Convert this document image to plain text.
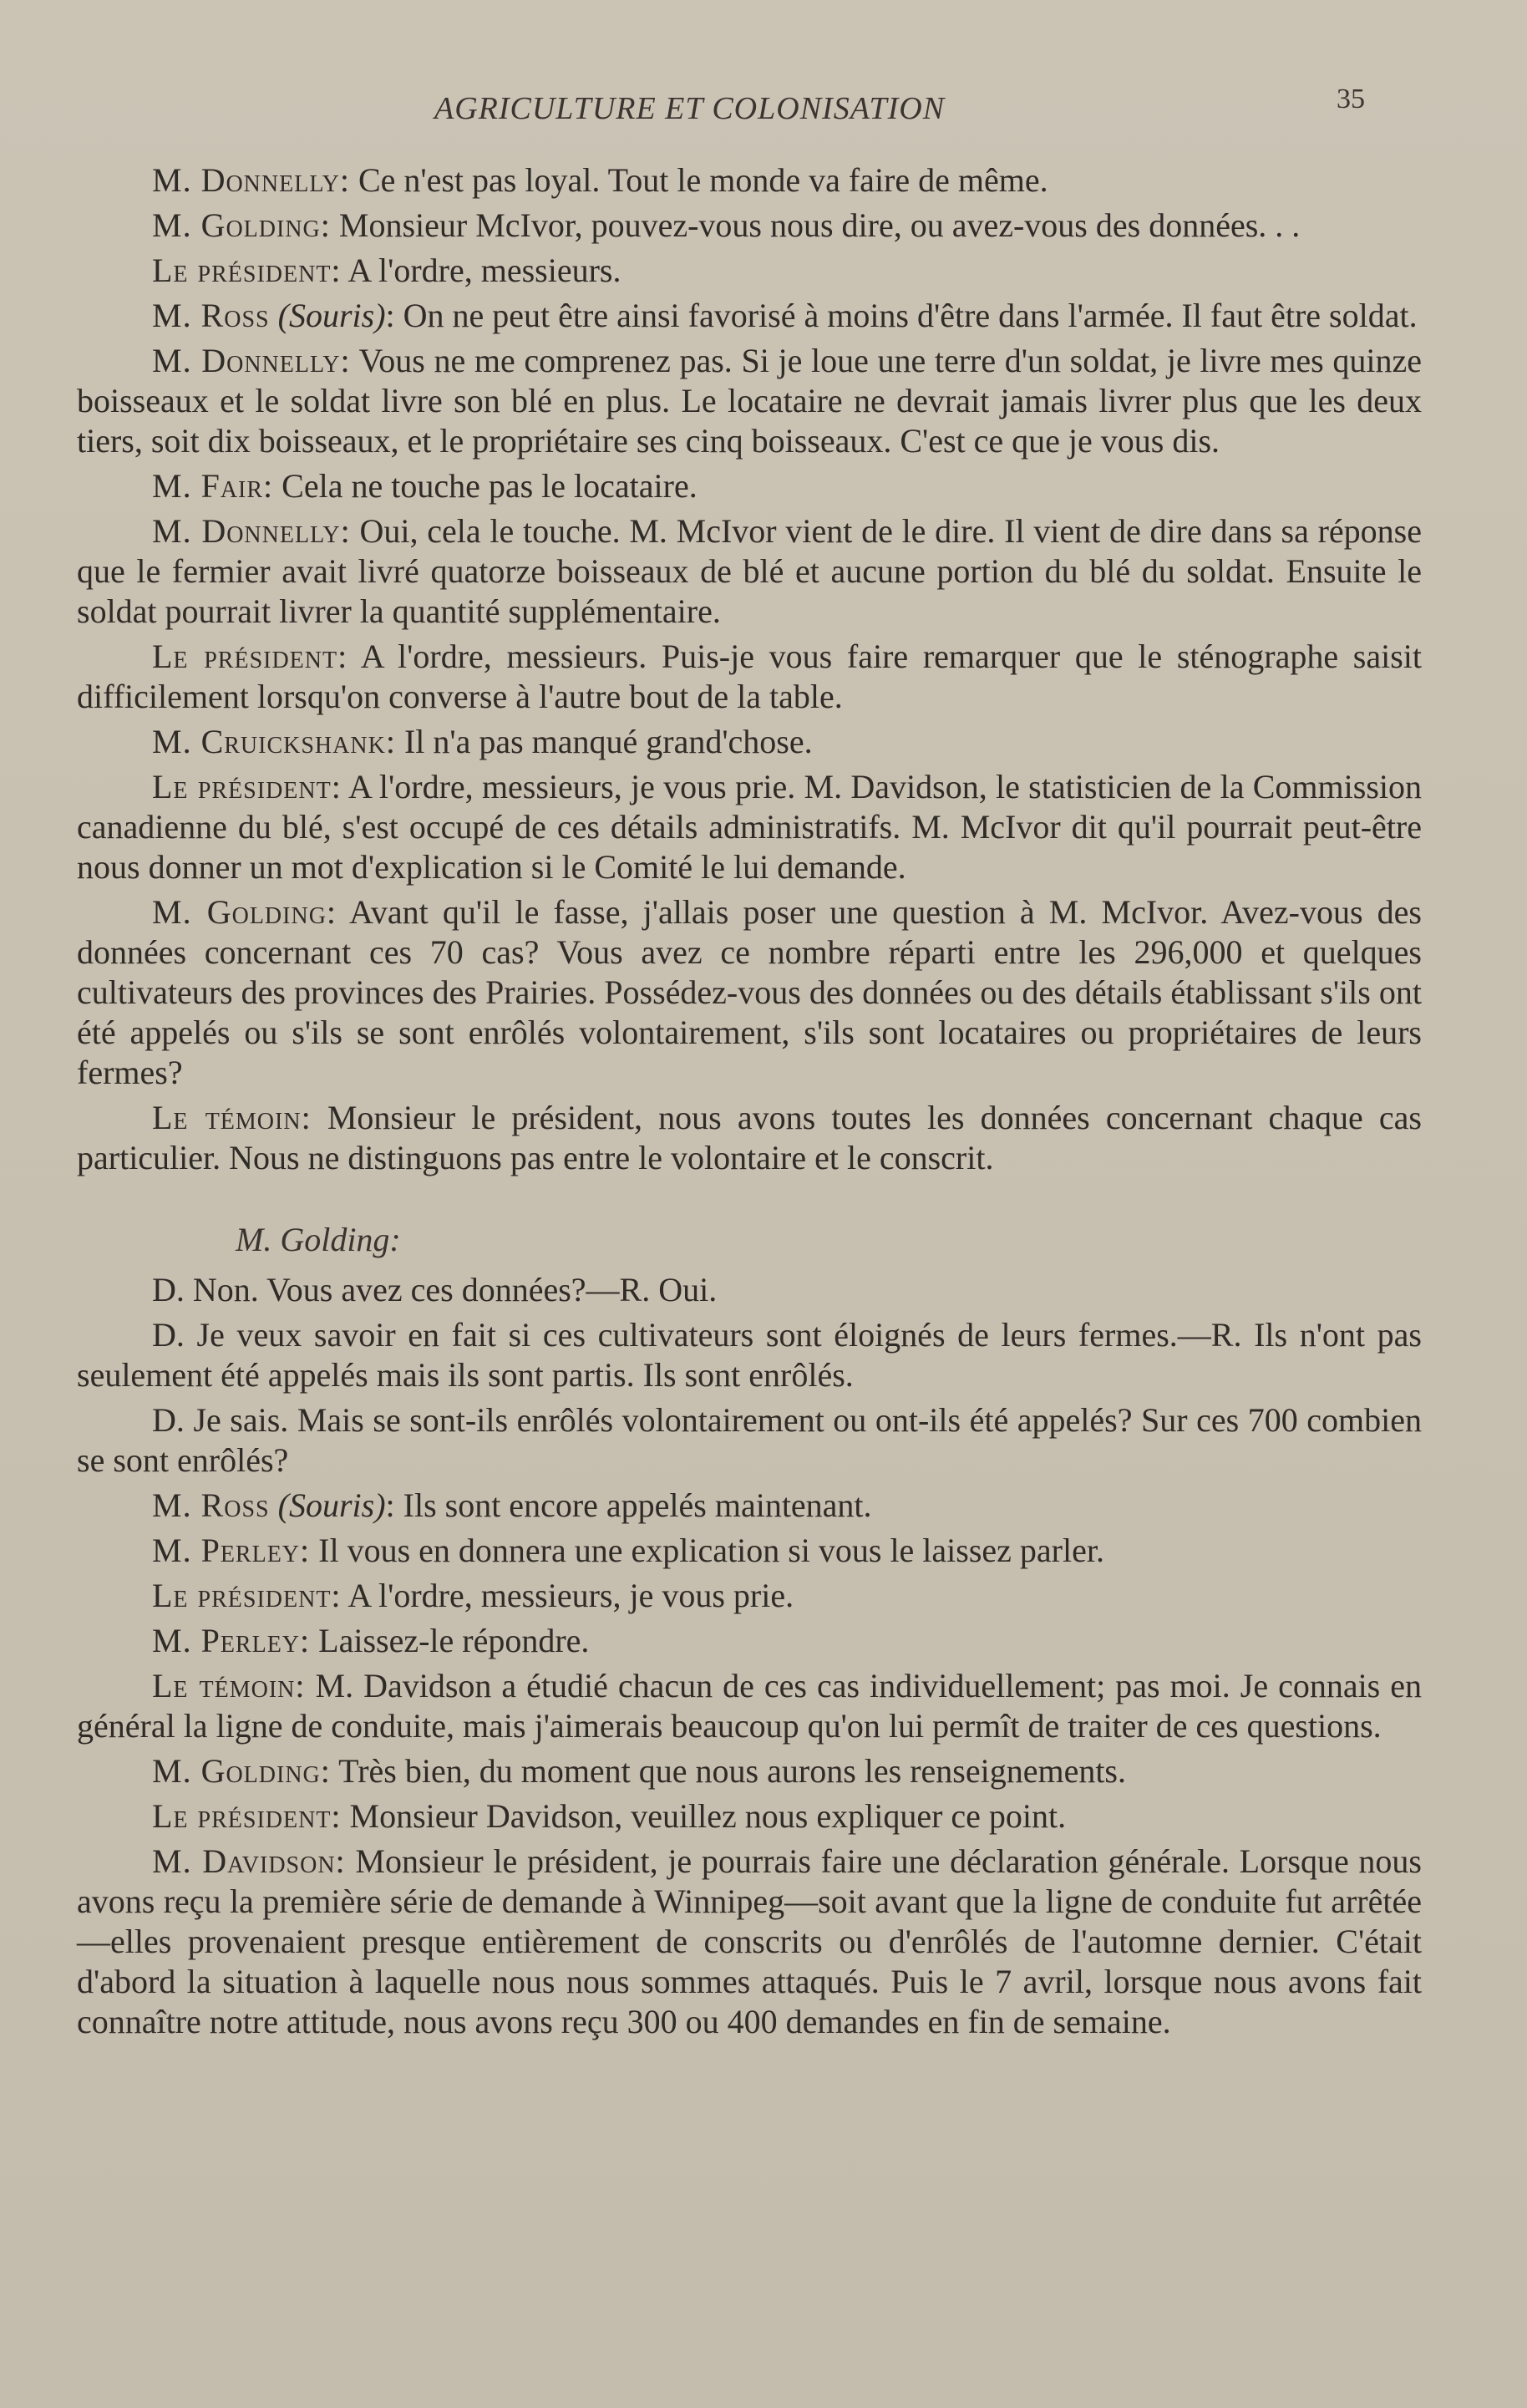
AGRICULTURE ET COLONISATION	35

M. Donnelly: Ce n'est pas loyal. Tout le monde va faire de même.

M. Golding: Monsieur McIvor, pouvez-vous nous dire, ou avez-vous des données. . .

Le président: A l'ordre, messieurs.

M. Ross (Souris): On ne peut être ainsi favorisé à moins d'être dans l'armée. Il faut être soldat.

M. Donnelly: Vous ne me comprenez pas. Si je loue une terre d'un soldat, je livre mes quinze boisseaux et le soldat livre son blé en plus. Le locataire ne devrait jamais livrer plus que les deux tiers, soit dix boisseaux, et le propriétaire ses cinq boisseaux. C'est ce que je vous dis.

M. Fair: Cela ne touche pas le locataire.

M. Donnelly: Oui, cela le touche. M. McIvor vient de le dire. Il vient de dire dans sa réponse que le fermier avait livré quatorze boisseaux de blé et aucune portion du blé du soldat. Ensuite le soldat pourrait livrer la quantité supplémentaire.

Le président: A l'ordre, messieurs. Puis-je vous faire remarquer que le sténographe saisit difficilement lorsqu'on converse à l'autre bout de la table.

M. Cruickshank: Il n'a pas manqué grand'chose.

Le président: A l'ordre, messieurs, je vous prie. M. Davidson, le statisticien de la Commission canadienne du blé, s'est occupé de ces détails administratifs. M. McIvor dit qu'il pourrait peut-être nous donner un mot d'explication si le Comité le lui demande.

M. Golding: Avant qu'il le fasse, j'allais poser une question à M. McIvor. Avez-vous des données concernant ces 70 cas? Vous avez ce nombre réparti entre les 296,000 et quelques cultivateurs des provinces des Prairies. Possédez-vous des données ou des détails établissant s'ils ont été appelés ou s'ils se sont enrôlés volontairement, s'ils sont locataires ou propriétaires de leurs fermes?

Le témoin: Monsieur le président, nous avons toutes les données concernant chaque cas particulier. Nous ne distinguons pas entre le volontaire et le conscrit.

M. Golding:

D. Non. Vous avez ces données?—R. Oui.

D. Je veux savoir en fait si ces cultivateurs sont éloignés de leurs fermes.—R. Ils n'ont pas seulement été appelés mais ils sont partis. Ils sont enrôlés.

D. Je sais. Mais se sont-ils enrôlés volontairement ou ont-ils été appelés? Sur ces 700 combien se sont enrôlés?

M. Ross (Souris): Ils sont encore appelés maintenant.

M. Perley: Il vous en donnera une explication si vous le laissez parler.

Le président: A l'ordre, messieurs, je vous prie.

M. Perley: Laissez-le répondre.

Le témoin: M. Davidson a étudié chacun de ces cas individuellement; pas moi. Je connais en général la ligne de conduite, mais j'aimerais beaucoup qu'on lui permît de traiter de ces questions.

M. Golding: Très bien, du moment que nous aurons les renseignements.

Le président: Monsieur Davidson, veuillez nous expliquer ce point.

M. Davidson: Monsieur le président, je pourrais faire une déclaration générale. Lorsque nous avons reçu la première série de demande à Winnipeg—soit avant que la ligne de conduite fut arrêtée—elles provenaient presque entièrement de conscrits ou d'enrôlés de l'automne dernier. C'était d'abord la situation à laquelle nous nous sommes attaqués. Puis le 7 avril, lorsque nous avons fait connaître notre attitude, nous avons reçu 300 ou 400 demandes en fin de semaine.
